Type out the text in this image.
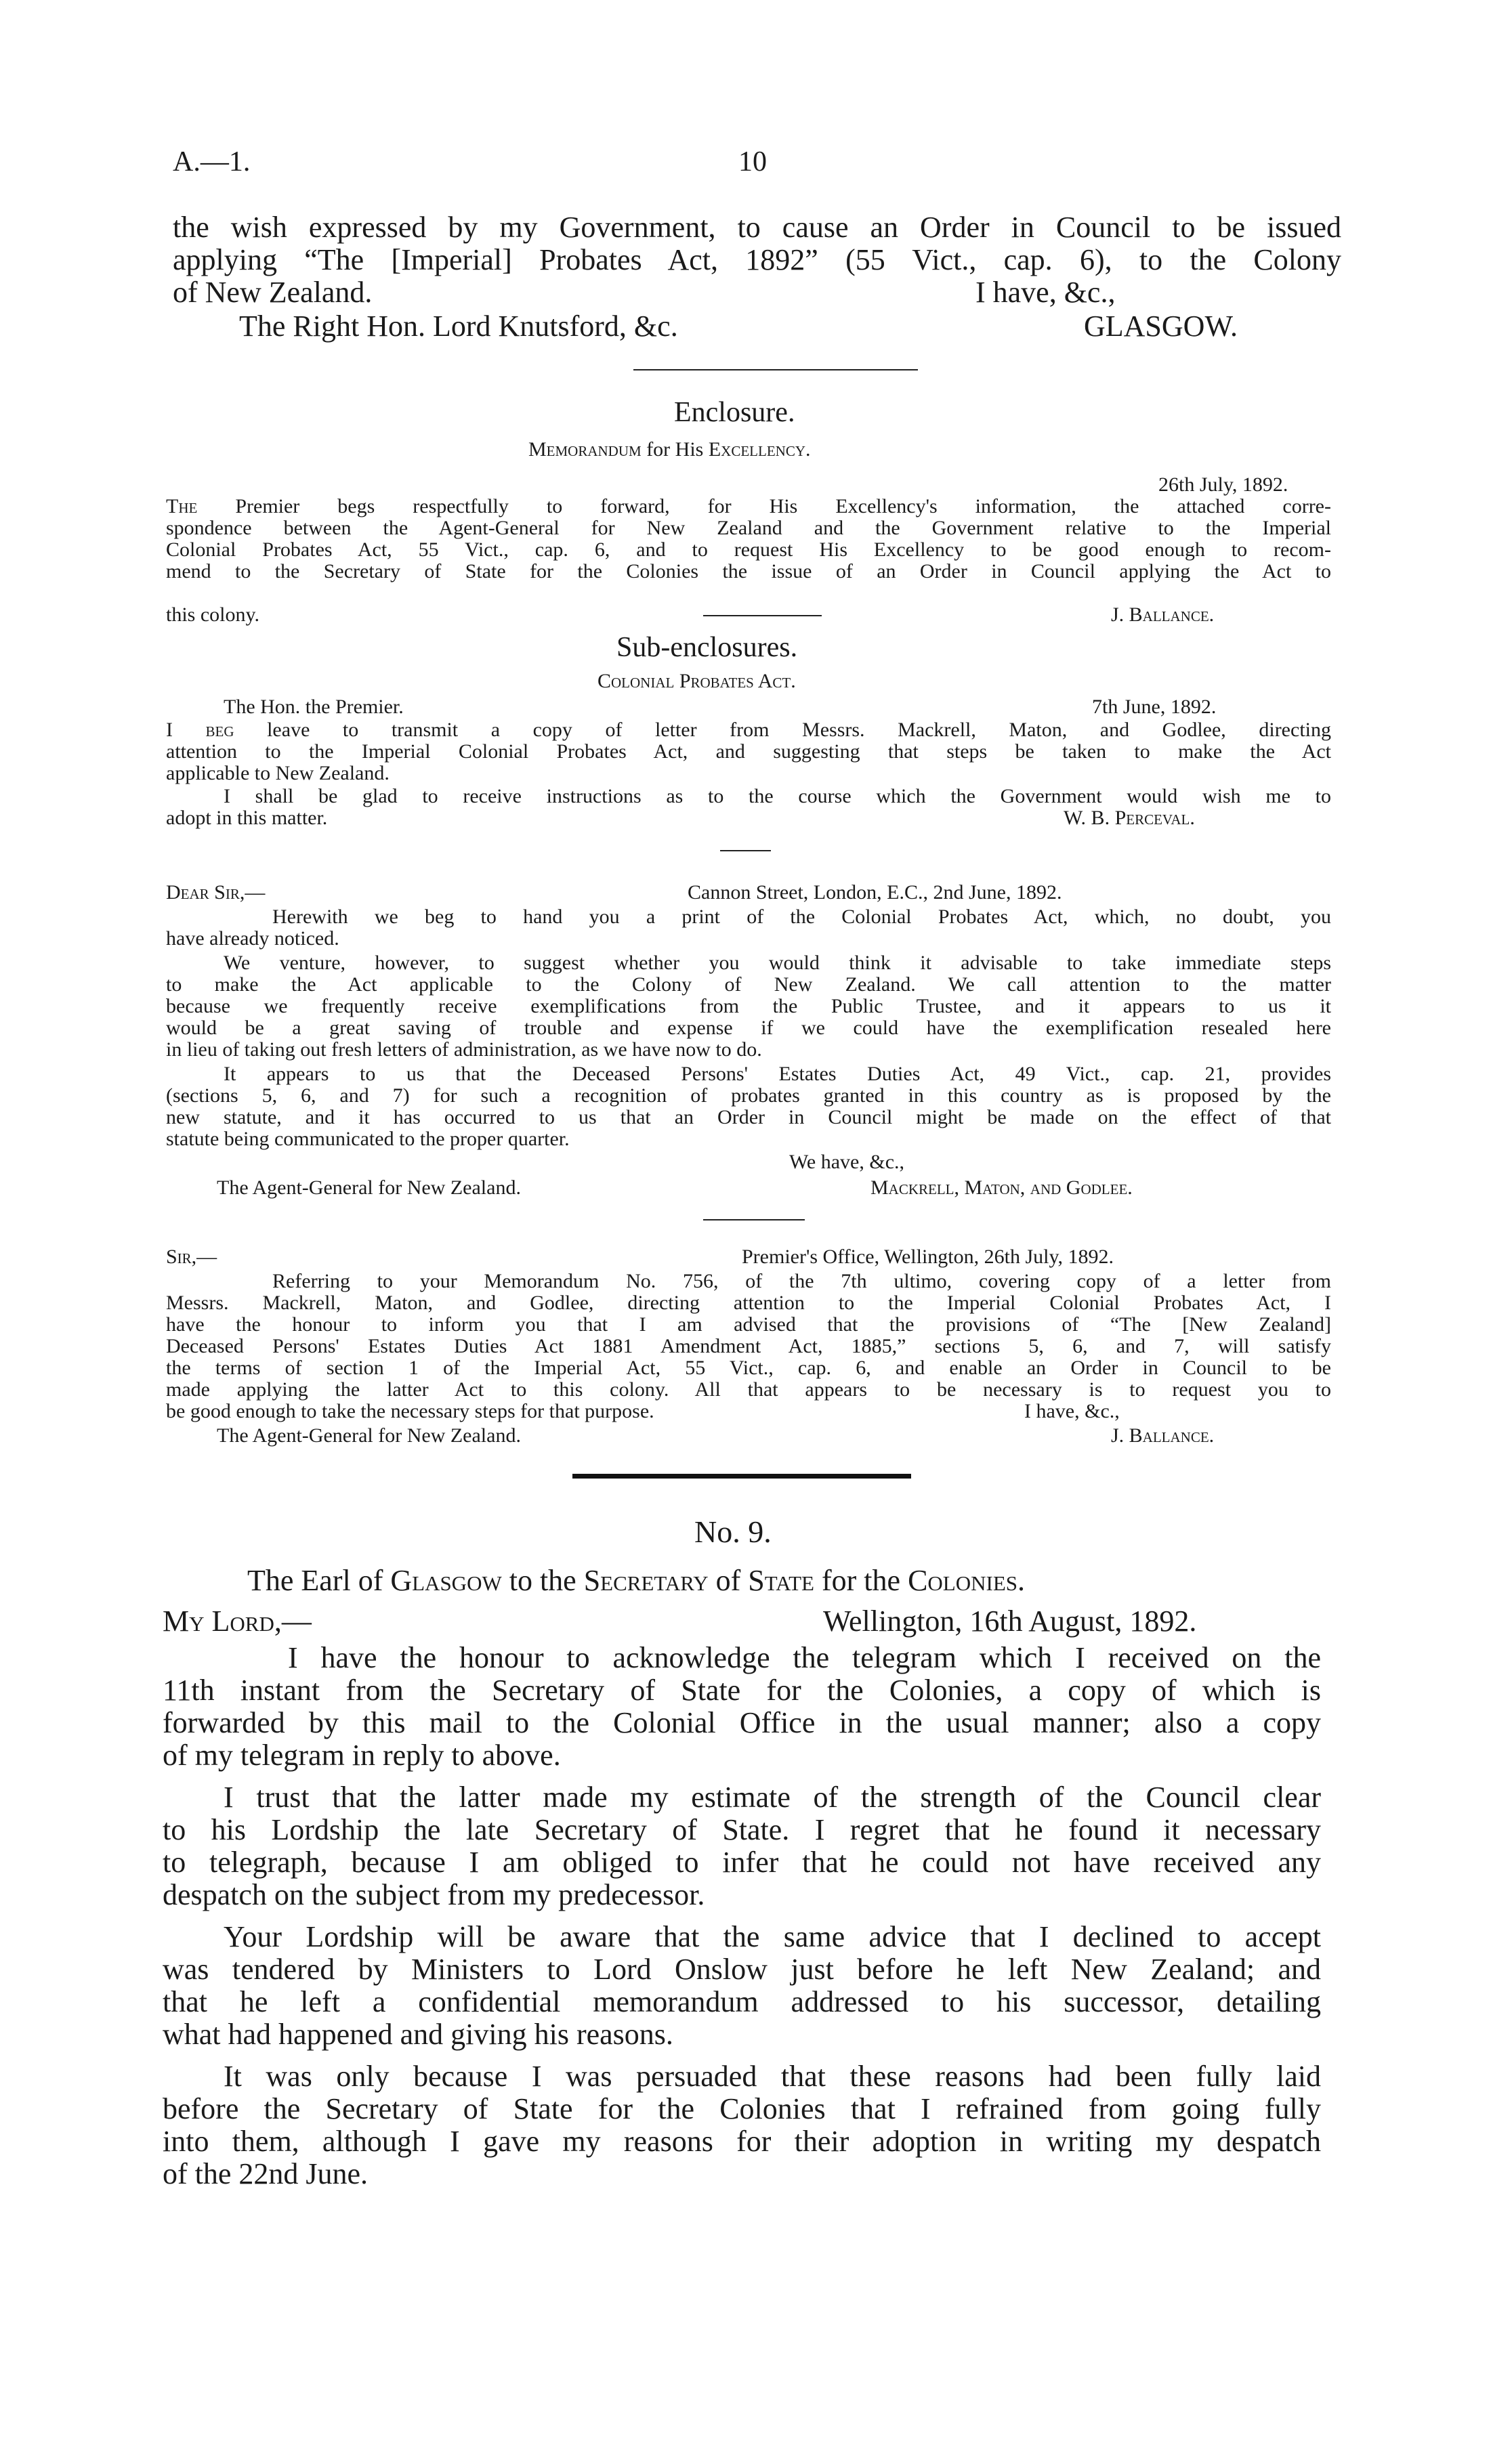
A.—1.	10
the wish expressed by my Government, to cause an Order in Council to be issued
applying “The [Imperial] Probates Act, 1892” (55 Vict., cap. 6), to the Colony
of New Zealand.	I have, &c.,
The Right Hon. Lord Knutsford, &c.	GLASGOW.
Enclosure.
Memorandum for His Excellency.
26th July, 1892.
The Premier begs respectfully to forward, for His Excellency's information, the attached corre-
spondence between the Agent-General for New Zealand and the Government relative to the Imperial
Colonial Probates Act, 55 Vict., cap. 6, and to request His Excellency to be good enough to recom-
mend to the Secretary of State for the Colonies the issue of an Order in Council applying the Act to
this colony.	J. Ballance.
Sub-enclosures.
Colonial Probates Act.
The Hon. the Premier.	7th June, 1892.
I beg leave to transmit a copy of letter from Messrs. Mackrell, Maton, and Godlee, directing
attention to the Imperial Colonial Probates Act, and suggesting that steps be taken to make the Act
applicable to New Zealand.
I shall be glad to receive instructions as to the course which the Government would wish me to
adopt in this matter.	W. B. Perceval.
Dear Sir,—	Cannon Street, London, E.C., 2nd June, 1892.
Herewith we beg to hand you a print of the Colonial Probates Act, which, no doubt, you
have already noticed.
We venture, however, to suggest whether you would think it advisable to take immediate steps
to make the Act applicable to the Colony of New Zealand. We call attention to the matter
because we frequently receive exemplifications from the Public Trustee, and it appears to us it
would be a great saving of trouble and expense if we could have the exemplification resealed here
in lieu of taking out fresh letters of administration, as we have now to do.
It appears to us that the Deceased Persons' Estates Duties Act, 49 Vict., cap. 21, provides
(sections 5, 6, and 7) for such a recognition of probates granted in this country as is proposed by the
new statute, and it has occurred to us that an Order in Council might be made on the effect of that
statute being communicated to the proper quarter.
We have, &c.,
The Agent-General for New Zealand.	Mackrell, Maton, and Godlee.
Sir,—	Premier's Office, Wellington, 26th July, 1892.
Referring to your Memorandum No. 756, of the 7th ultimo, covering copy of a letter from
Messrs. Mackrell, Maton, and Godlee, directing attention to the Imperial Colonial Probates Act, I
have the honour to inform you that I am advised that the provisions of “The [New Zealand]
Deceased Persons' Estates Duties Act 1881 Amendment Act, 1885,” sections 5, 6, and 7, will satisfy
the terms of section 1 of the Imperial Act, 55 Vict., cap. 6, and enable an Order in Council to be
made applying the latter Act to this colony. All that appears to be necessary is to request you to
be good enough to take the necessary steps for that purpose.	I have, &c.,
The Agent-General for New Zealand.	J. Ballance.
No. 9.
The Earl of Glasgow to the Secretary of State for the Colonies.
My Lord,—	Wellington, 16th August, 1892.
I have the honour to acknowledge the telegram which I received on the
11th instant from the Secretary of State for the Colonies, a copy of which is
forwarded by this mail to the Colonial Office in the usual manner; also a copy
of my telegram in reply to above.
I trust that the latter made my estimate of the strength of the Council clear
to his Lordship the late Secretary of State. I regret that he found it necessary
to telegraph, because I am obliged to infer that he could not have received any
despatch on the subject from my predecessor.
Your Lordship will be aware that the same advice that I declined to accept
was tendered by Ministers to Lord Onslow just before he left New Zealand; and
that he left a confidential memorandum addressed to his successor, detailing
what had happened and giving his reasons.
It was only because I was persuaded that these reasons had been fully laid
before the Secretary of State for the Colonies that I refrained from going fully
into them, although I gave my reasons for their adoption in writing my despatch
of the 22nd June.
